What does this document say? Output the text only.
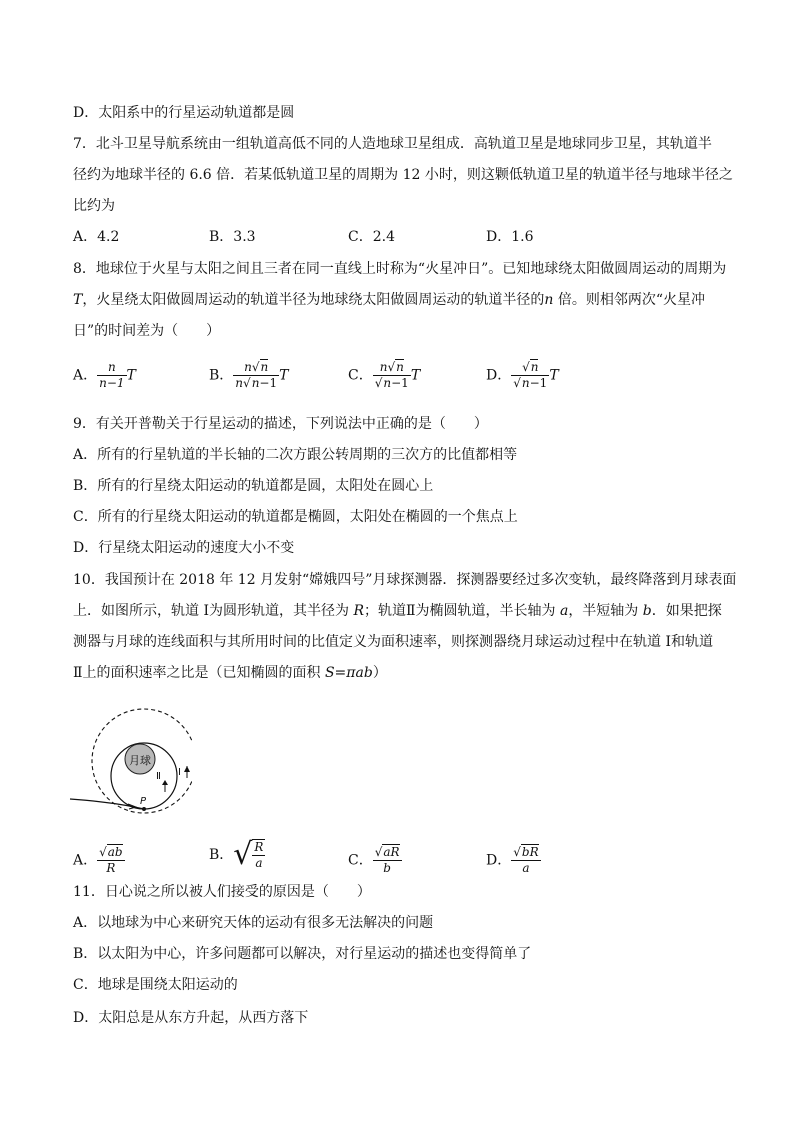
D．太阳系中的行星运动轨道都是圆
7．北斗卫星导航系统由一组轨道高低不同的人造地球卫星组成．高轨道卫星是地球同步卫星，其轨道半
径约为地球半径的 6.6 倍．若某低轨道卫星的周期为 12 小时，则这颗低轨道卫星的轨道半径与地球半径之
比约为
A．4.2	B．3.3	C．2.4	D．1.6
8．地球位于火星与太阳之间且三者在同一直线上时称为“火星冲日”。已知地球绕太阳做圆周运动的周期为
T，火星绕太阳做圆周运动的轨道半径为地球绕太阳做圆周运动的轨道半径的n 倍。则相邻两次“火星冲
日”的时间差为（　　）
A． $\frac{n}{n-1}$ T	B． $\frac{n√n}{n√n-1}$ T	C． $\frac{n√n}{√n-1}$ T	D． $\frac{√n}{√n-1}$ T
9．有关开普勒关于行星运动的描述，下列说法中正确的是（　　）
A．所有的行星轨道的半长轴的二次方跟公转周期的三次方的比值都相等
B．所有的行星绕太阳运动的轨道都是圆，太阳处在圆心上
C．所有的行星绕太阳运动的轨道都是椭圆，太阳处在椭圆的一个焦点上
D．行星绕太阳运动的速度大小不变
10．我国预计在 2018 年 12 月发射“嫦娥四号”月球探测器．探测器要经过多次变轨，最终降落到月球表面
上．如图所示，轨道 Ⅰ为圆形轨道，其半径为 R；轨道Ⅱ为椭圆轨道，半长轴为 a，半短轴为 b．如果把探
测器与月球的连线面积与其所用时间的比值定义为面积速率，则探测器绕月球运动过程中在轨道 Ⅰ和轨道
Ⅱ上的面积速率之比是（已知椭圆的面积 S=πab）
月球
Ⅱ Ⅰ
P
A． $\frac{√ab}{R}$	B．√ $\frac{R}{a}$	C． $\frac{√aR}{b}$	D． $\frac{√bR}{a}$
11．日心说之所以被人们接受的原因是（　　）
A．以地球为中心来研究天体的运动有很多无法解决的问题
B．以太阳为中心，许多问题都可以解决，对行星运动的描述也变得简单了
C．地球是围绕太阳运动的
D．太阳总是从东方升起，从西方落下
